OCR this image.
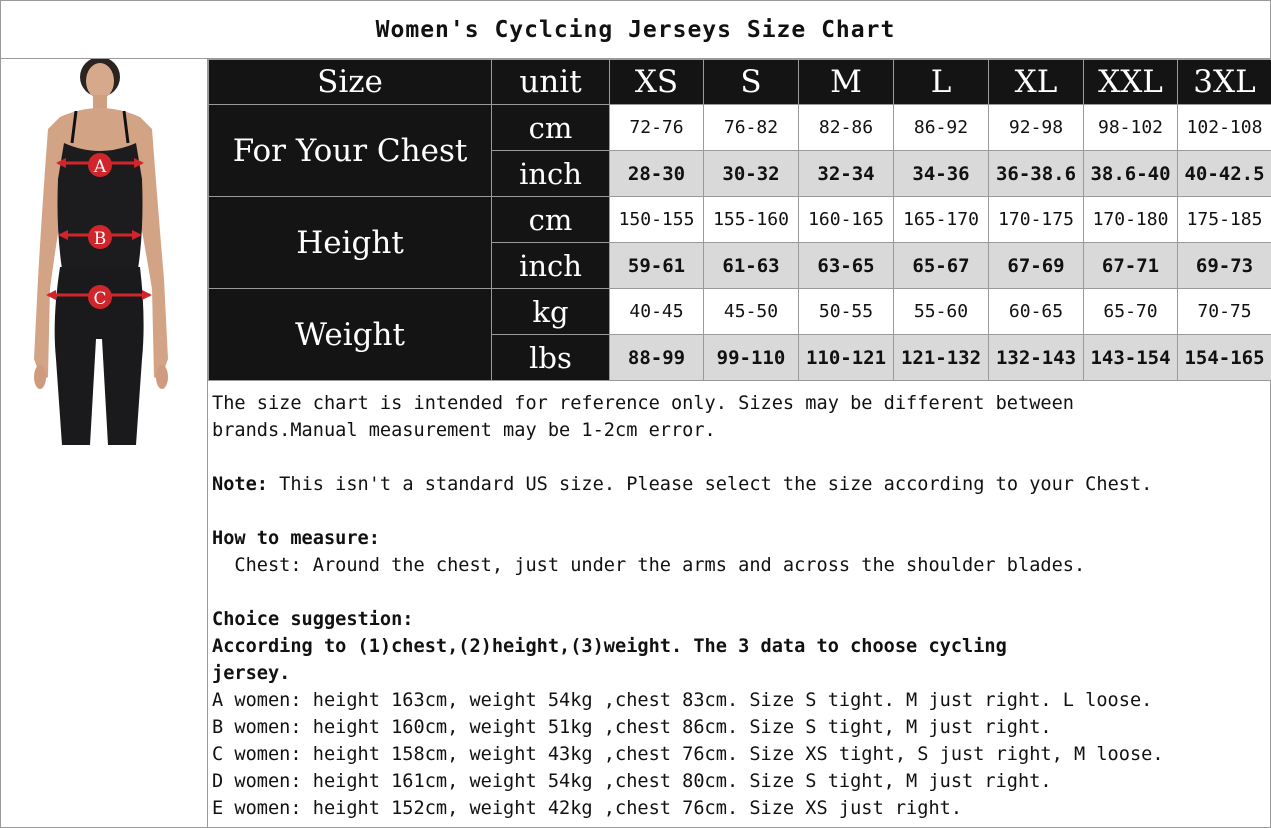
Women's Cyclcing Jerseys Size Chart
A
B
C
Size	unit	XS	S	M	L	XL	XXL	3XL
For Your Chest	cm	72-76	76-82	82-86	86-92	92-98	98-102	102-108
	inch	28-30	30-32	32-34	34-36	36-38.6	38.6-40	40-42.5
Height	cm	150-155	155-160	160-165	165-170	170-175	170-180	175-185
	inch	59-61	61-63	63-65	65-67	67-69	67-71	69-73
Weight	kg	40-45	45-50	50-55	55-60	60-65	65-70	70-75
	lbs	88-99	99-110	110-121	121-132	132-143	143-154	154-165

The size chart is intended for reference only. Sizes may be different between

brands.Manual measurement may be 1-2cm error.

Note: This isn't a standard US size. Please select the size according to your Chest.

How to measure:

Chest: Around the chest, just under the arms and across the shoulder blades.

Choice suggestion:

According to (1)chest,(2)height,(3)weight. The 3 data to choose cycling

jersey.

A women: height 163cm, weight 54kg ,chest 83cm. Size S tight. M just right. L loose.

B women: height 160cm, weight 51kg ,chest 86cm. Size S tight, M just right.

C women: height 158cm, weight 43kg ,chest 76cm. Size XS tight, S just right, M loose.

D women: height 161cm, weight 54kg ,chest 80cm. Size S tight, M just right.

E women: height 152cm, weight 42kg ,chest 76cm. Size XS just right.
